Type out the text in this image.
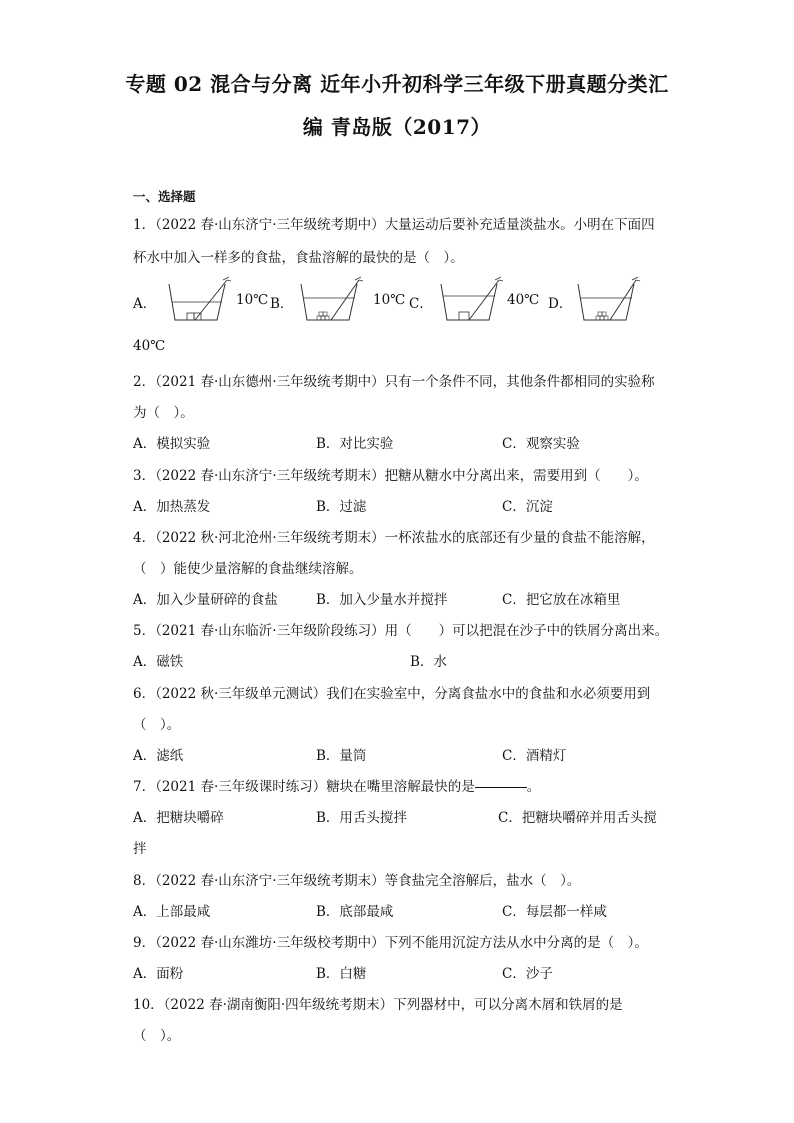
专题 02 混合与分离 近年小升初科学三年级下册真题分类汇
编 青岛版（2017）
一、选择题
1．（2022 春·山东济宁·三年级统考期中）大量运动后要补充适量淡盐水。小明在下面四
杯水中加入一样多的食盐，食盐溶解的最快的是（　）。
A．	10℃ B．	10℃ C．	40℃ D．
40℃
2．（2021 春·山东德州·三年级统考期中）只有一个条件不同，其他条件都相同的实验称
为（　）。
A．模拟实验	B．对比实验	C．观察实验
3．（2022 春·山东济宁·三年级统考期末）把糖从糖水中分离出来，需要用到（　　）。
A．加热蒸发	B．过滤	C．沉淀
4．（2022 秋·河北沧州·三年级统考期末）一杯浓盐水的底部还有少量的食盐不能溶解，
（　）能使少量溶解的食盐继续溶解。
A．加入少量研碎的食盐	B．加入少量水并搅拌	C．把它放在冰箱里
5．（2021 春·山东临沂·三年级阶段练习）用（　　）可以把混在沙子中的铁屑分离出来。
A．磁铁	B．水
6．（2022 秋·三年级单元测试）我们在实验室中，分离食盐水中的食盐和水必须要用到
（　）。
A．滤纸	B．量筒	C．酒精灯
7．（2021 春·三年级课时练习）糖块在嘴里溶解最快的是	。
A．把糖块嚼碎	B．用舌头搅拌	C．把糖块嚼碎并用舌头搅
拌
8．（2022 春·山东济宁·三年级统考期末）等食盐完全溶解后，盐水（　）。
A．上部最咸	B．底部最咸	C．每层都一样咸
9．（2022 春·山东潍坊·三年级校考期中）下列不能用沉淀方法从水中分离的是（　）。
A．面粉	B．白糖	C．沙子
10．（2022 春·湖南衡阳·四年级统考期末）下列器材中，可以分离木屑和铁屑的是
（　）。
